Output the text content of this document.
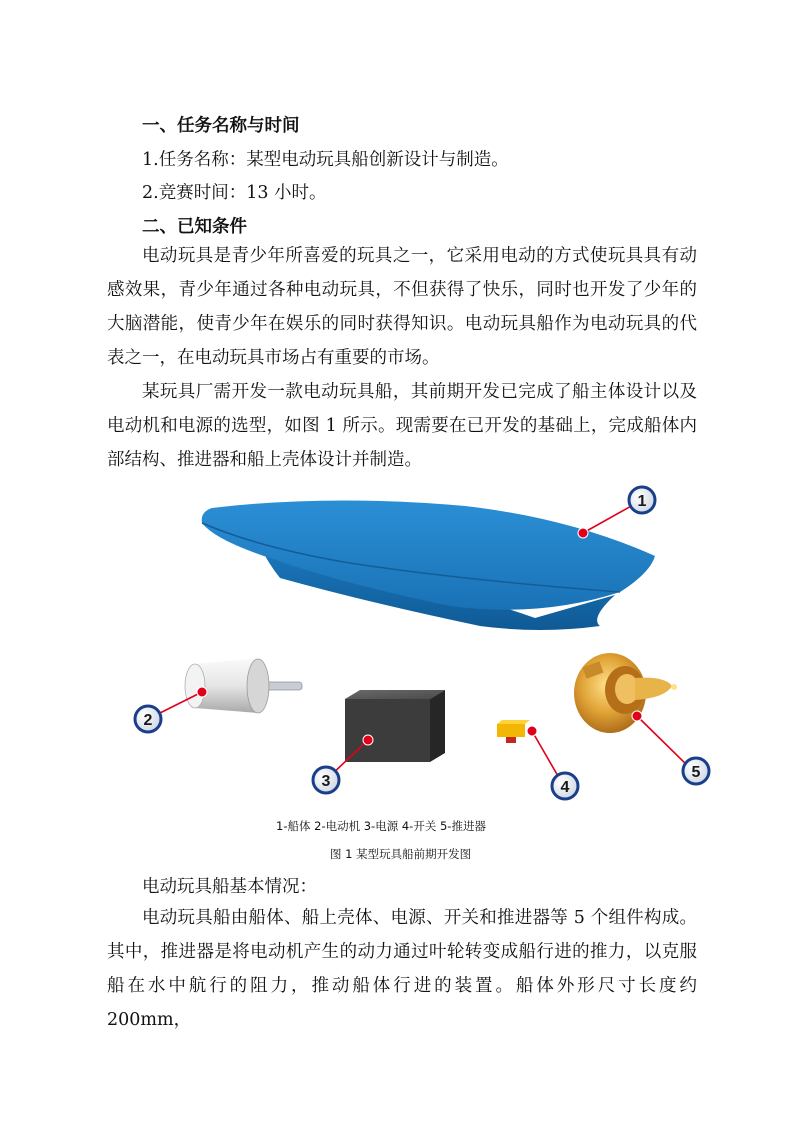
一、任务名称与时间
1.任务名称：某型电动玩具船创新设计与制造。
2.竞赛时间：13 小时。
二、已知条件
电动玩具是青少年所喜爱的玩具之一，它采用电动的方式使玩具具有动感效果，青少年通过各种电动玩具，不但获得了快乐，同时也开发了少年的大脑潜能，使青少年在娱乐的同时获得知识。电动玩具船作为电动玩具的代表之一，在电动玩具市场占有重要的市场。
某玩具厂需开发一款电动玩具船，其前期开发已完成了船主体设计以及电动机和电源的选型，如图 1 所示。现需要在已开发的基础上，完成船体内部结构、推进器和船上壳体设计并制造。
1
2
3	4
5
1-船体 2-电动机 3-电源 4-开关 5-推进器
图 1 某型玩具船前期开发图
电动玩具船基本情况：
电动玩具船由船体、船上壳体、电源、开关和推进器等 5 个组件构成。其中，推进器是将电动机产生的动力通过叶轮转变成船行进的推力，以克服船在水中航行的阻力，推动船体行进的装置。船体外形尺寸长度约200mm，
